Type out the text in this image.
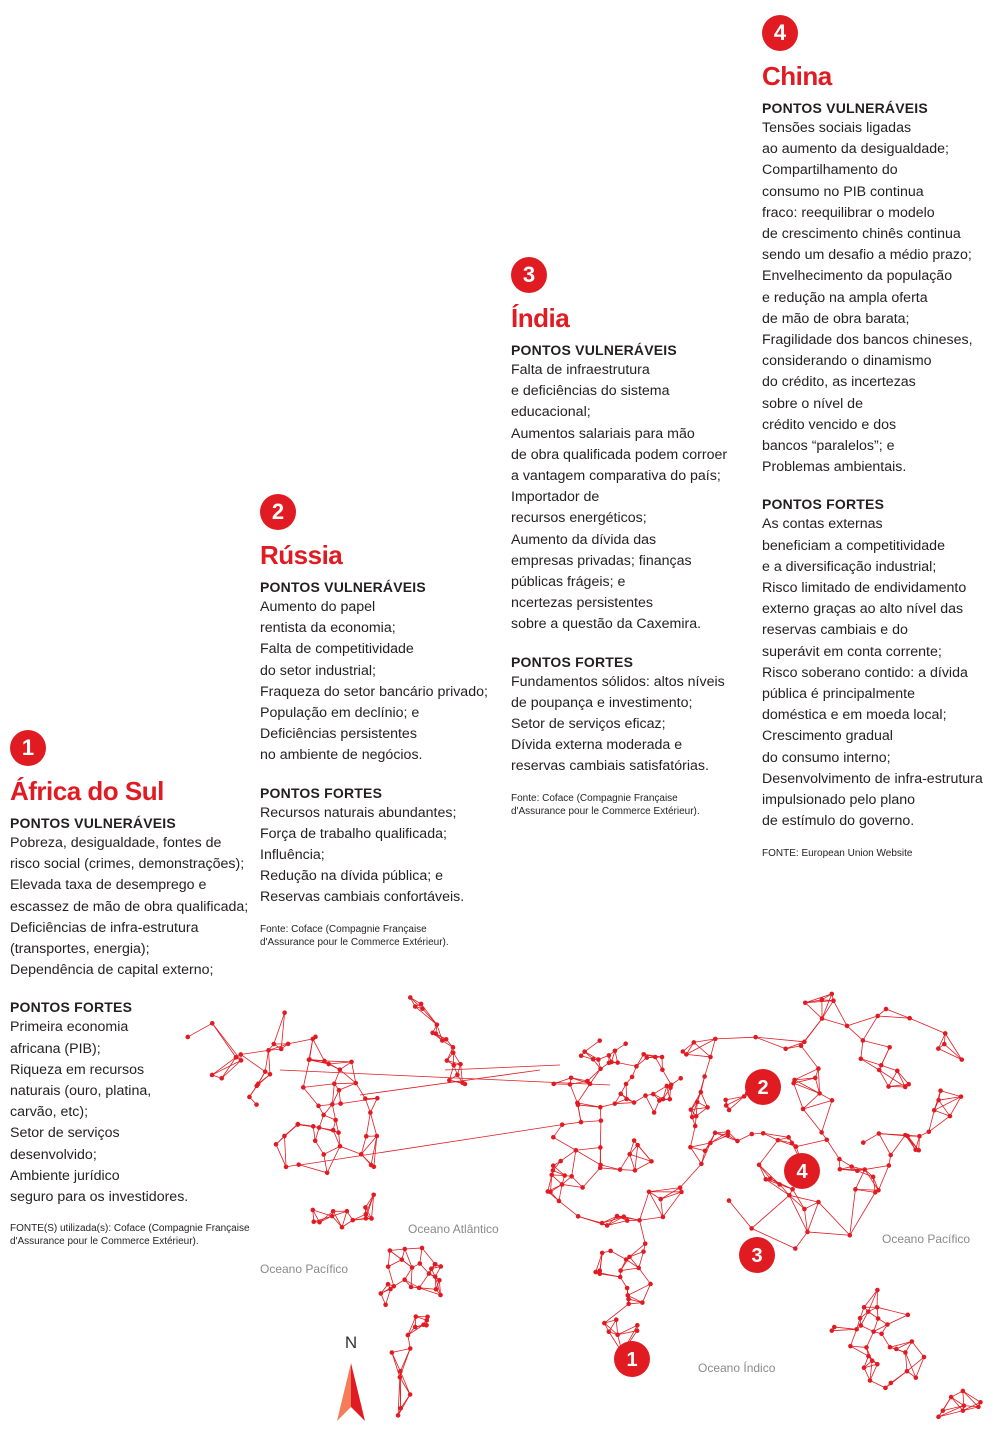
1
África do Sul
PONTOS VULNERÁVEIS
Pobreza, desigualdade, fontes de
risco social (crimes, demonstrações);
Elevada taxa de desemprego e
escassez de mão de obra qualificada;
Deficiências de infra-estrutura
(transportes, energia);
Dependência de capital externo;
PONTOS FORTES
Primeira economia
africana (PIB);
Riqueza em recursos
naturais (ouro, platina,
carvão, etc);
Setor de serviços
desenvolvido;
Ambiente jurídico
seguro para os investidores.
FONTE(S) utilizada(s): Coface (Compagnie Française
d'Assurance pour le Commerce Extérieur).
2
Rússia
PONTOS VULNERÁVEIS
Aumento do papel
rentista da economia;
Falta de competitividade
do setor industrial;
Fraqueza do setor bancário privado;
População em declínio; e
Deficiências persistentes
no ambiente de negócios.
PONTOS FORTES
Recursos naturais abundantes;
Força de trabalho qualificada;
Influência;
Redução na dívida pública; e
Reservas cambiais confortáveis.
Fonte: Coface (Compagnie Française
d'Assurance pour le Commerce Extérieur).
3
Índia
PONTOS VULNERÁVEIS
Falta de infraestrutura
e deficiências do sistema
educacional;
Aumentos salariais para mão
de obra qualificada podem corroer
a vantagem comparativa do país;
Importador de
recursos energéticos;
Aumento da dívida das
empresas privadas; finanças
públicas frágeis; e
ncertezas persistentes
sobre a questão da Caxemira.
PONTOS FORTES
Fundamentos sólidos: altos níveis
de poupança e investimento;
Setor de serviços eficaz;
Dívida externa moderada e
reservas cambiais satisfatórias.
Fonte: Coface (Compagnie Française
d'Assurance pour le Commerce Extérieur).
4
China
PONTOS VULNERÁVEIS
Tensões sociais ligadas
ao aumento da desigualdade;
Compartilhamento do
consumo no PIB continua
fraco: reequilibrar o modelo
de crescimento chinês continua
sendo um desafio a médio prazo;
Envelhecimento da população
e redução na ampla oferta
de mão de obra barata;
Fragilidade dos bancos chineses,
considerando o dinamismo
do crédito, as incertezas
sobre o nível de
crédito vencido e dos
bancos “paralelos”; e
Problemas ambientais.
PONTOS FORTES
As contas externas
beneficiam a competitividade
e a diversificação industrial;
Risco limitado de endividamento
externo graças ao alto nível das
reservas cambiais e do
superávit em conta corrente;
Risco soberano contido: a dívida
pública é principalmente
doméstica e em moeda local;
Crescimento gradual
do consumo interno;
Desenvolvimento de infra-estrutura
impulsionado pelo plano
de estímulo do governo.
FONTE: European Union Website
Oceano Atlântico
Oceano Pacífico
Oceano Pacífico
Oceano Índico
2
4
3
1
N
